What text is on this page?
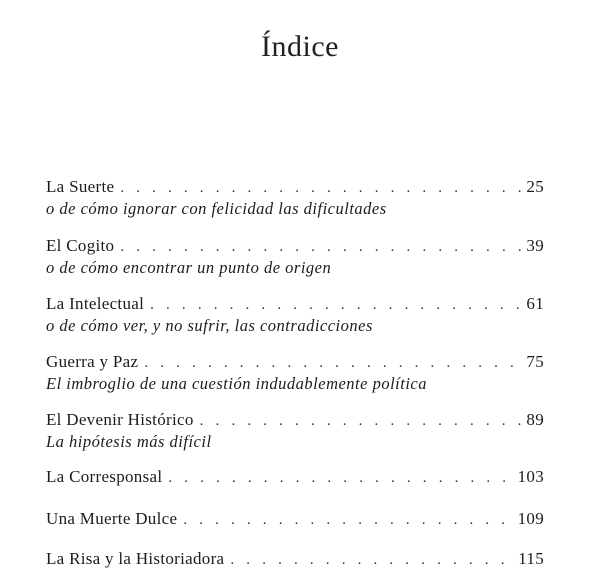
Índice
La Suerte . . .	25
o de cómo ignorar con felicidad las dificultades
El Cogito . . .	39
o de cómo encontrar un punto de origen
La Intelectual . . .	61
o de cómo ver, y no sufrir, las contradicciones
Guerra y Paz . . .	75
El imbroglio de una cuestión indudablemente política
El Devenir Histórico . . .	89
La hipótesis más difícil
La Corresponsal . . .	103
Una Muerte Dulce . . .	109
La Risa y la Historiadora . . .	115
